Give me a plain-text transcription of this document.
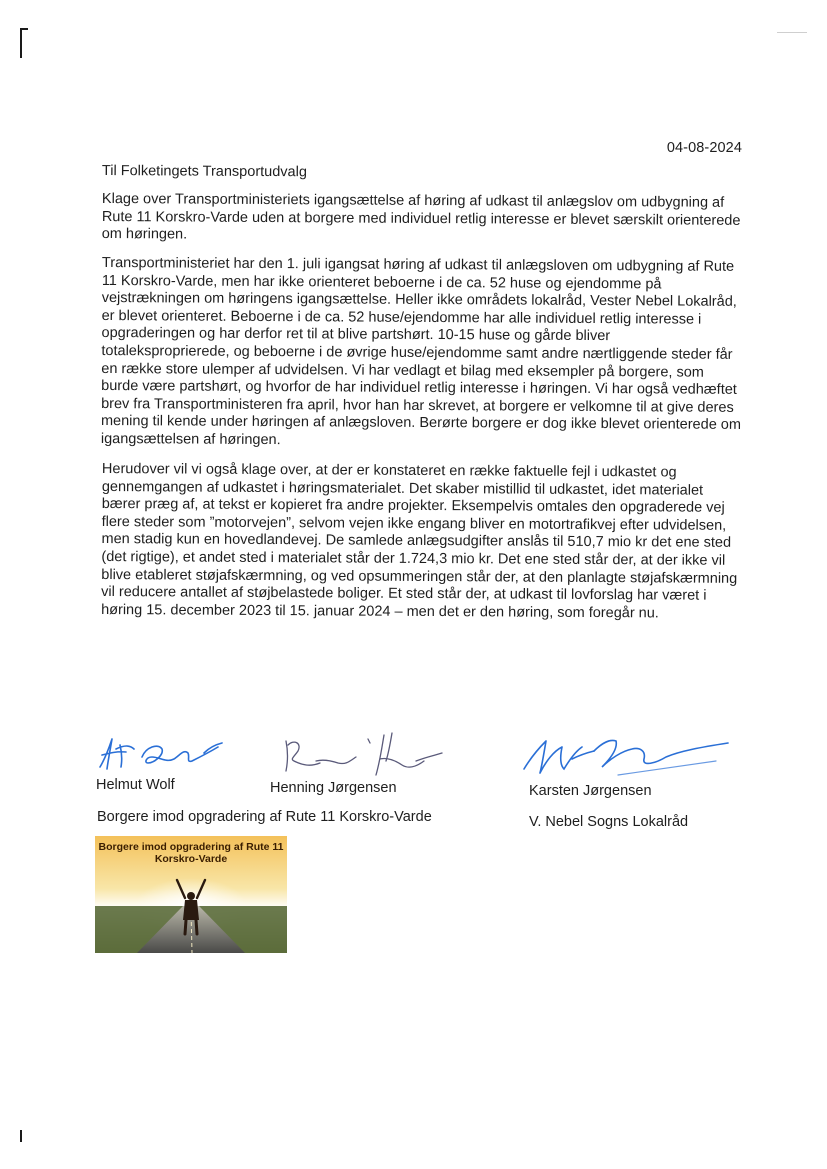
04-08-2024

Til Folketingets Transportudvalg

Klage over Transportministeriets igangsættelse af høring af udkast til anlægslov om udbygning af Rute 11 Korskro-Varde uden at borgere med individuel retlig interesse er blevet særskilt orienterede om høringen.

Transportministeriet har den 1. juli igangsat høring af udkast til anlægsloven om udbygning af Rute 11 Korskro-Varde, men har ikke orienteret beboerne i de ca. 52 huse og ejendomme på vejstrækningen om høringens igangsættelse. Heller ikke områdets lokalråd, Vester Nebel Lokalråd, er blevet orienteret. Beboerne i de ca. 52 huse/ejendomme har alle individuel retlig interesse i opgraderingen og har derfor ret til at blive partshørt. 10-15 huse og gårde bliver totaleksproprierede, og beboerne i de øvrige huse/ejendomme samt andre nærtliggende steder får en række store ulemper af udvidelsen. Vi har vedlagt et bilag med eksempler på borgere, som burde være partshørt, og hvorfor de har individuel retlig interesse i høringen. Vi har også vedhæftet brev fra Transportministeren fra april, hvor han har skrevet, at borgere er velkomne til at give deres mening til kende under høringen af anlægsloven. Berørte borgere er dog ikke blevet orienterede om igangsættelsen af høringen.

Herudover vil vi også klage over, at der er konstateret en række faktuelle fejl i udkastet og gennemgangen af udkastet i høringsmaterialet. Det skaber mistillid til udkastet, idet materialet bærer præg af, at tekst er kopieret fra andre projekter. Eksempelvis omtales den opgraderede vej flere steder som ”motorvejen”, selvom vejen ikke engang bliver en motortrafikvej efter udvidelsen, men stadig kun en hovedlandevej. De samlede anlægsudgifter anslås til 510,7 mio kr det ene sted (det rigtige), et andet sted i materialet står der 1.724,3 mio kr. Det ene sted står der, at der ikke vil blive etableret støjafskærmning, og ved opsummeringen står der, at den planlagte støjafskærmning vil reducere antallet af støjbelastede boliger. Et sted står der, at udkast til lovforslag har været i høring 15. december 2023 til 15. januar 2024 – men det er den høring, som foregår nu.

Helmut Wolf	Henning Jørgensen	Karsten Jørgensen
Borgere imod opgradering af Rute 11 Korskro-Varde	V. Nebel Sogns Lokalråd
Borgere imod opgradering af Rute 11
Korskro-Varde
